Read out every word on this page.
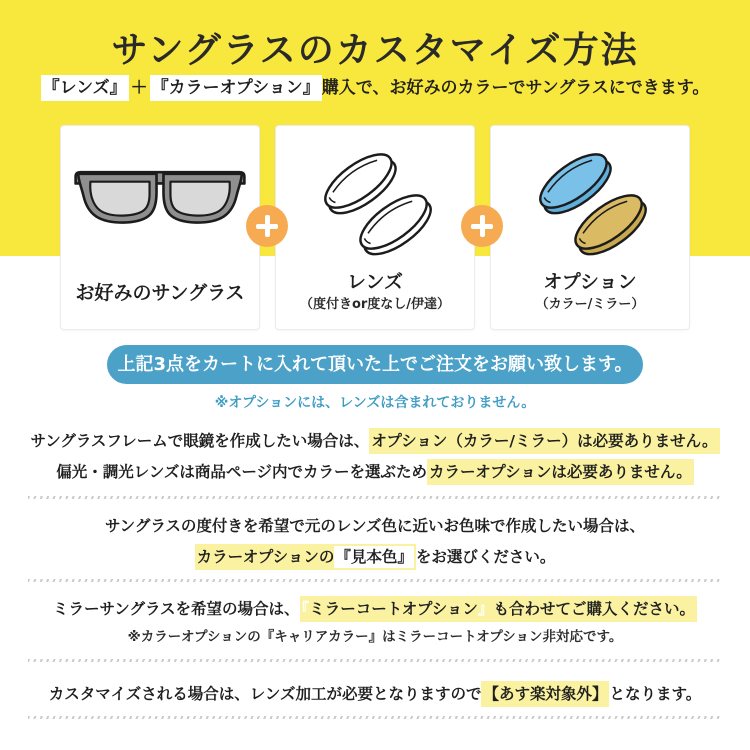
サングラスのカスタマイズ方法
『レンズ』 ＋ 『カラーオプション』 購入で、お好みのカラーでサングラスにできます。
お好みのサングラス	レンズ
（度付きor度なし/伊達）
オプション
（カラー/ミラー）
上記3点をカートに入れて頂いた上でご注文をお願い致します。
※オプションには、レンズは含まれておりません。
サングラスフレームで眼鏡を作成したい場合は、 オプション（カラー/ミラー）は必要ありません。
偏光・調光レンズは商品ページ内でカラーを選ぶため カラーオプションは必要ありません。
サングラスの度付きを希望で元のレンズ色に近いお色味で作成したい場合は、
カラーオプションの『見本色』 をお選びください。
ミラーサングラスを希望の場合は、 『ミラーコートオプション』も合わせてご購入ください。
※カラーオプションの『キャリアカラー』はミラーコートオプション非対応です。
カスタマイズされる場合は、レンズ加工が必要となりますので 【あす楽対象外】 となります。
